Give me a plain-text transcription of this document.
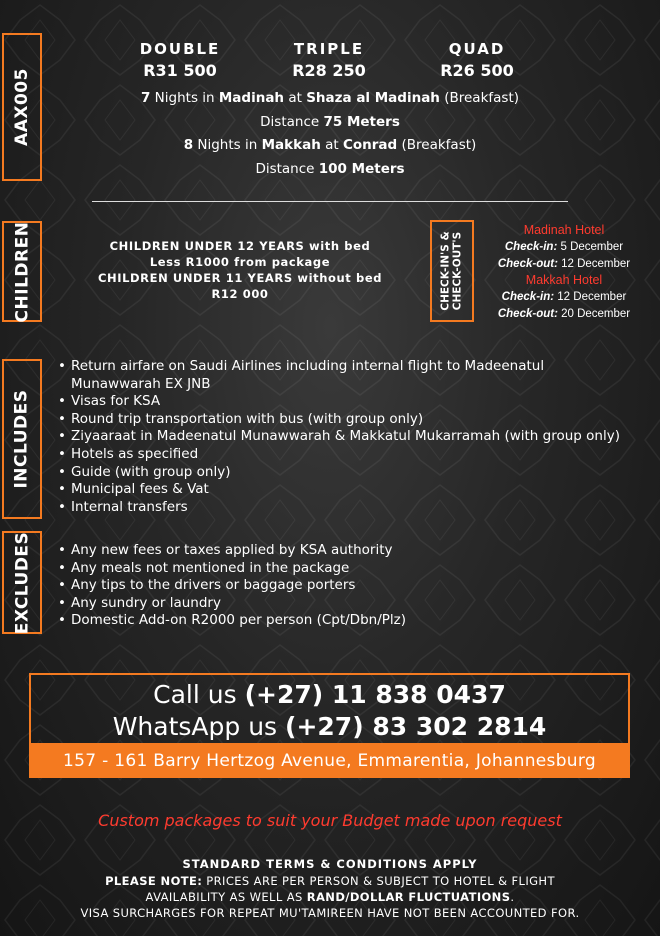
AAX005
DOUBLE
R31 500
TRIPLE
R28 250
QUAD
R26 500
7 Nights in Madinah at Shaza al Madinah (Breakfast)
Distance 75 Meters
8 Nights in Makkah at Conrad (Breakfast)
Distance 100 Meters
CHILDREN	CHILDREN UNDER 12 YEARS with bed
Less R1000 from package
CHILDREN UNDER 11 YEARS without bed
R12 000	CHECK-IN'S & CHECK-OUT'S
Madinah Hotel
Check-in: 5 December
Check-out: 12 December
Makkah Hotel
Check-in: 12 December
Check-out: 20 December
INCLUDES
• Return airfare on Saudi Airlines including internal flight to Madeenatul Munawwarah EX JNB
• Visas for KSA
• Round trip transportation with bus (with group only)
• Ziyaaraat in Madeenatul Munawwarah & Makkatul Mukarramah (with group only)
• Hotels as specified
• Guide (with group only)
• Municipal fees & Vat
• Internal transfers
EXCLUDES
•	Any new fees or taxes applied by KSA authority
• Any meals not mentioned in the package
• Any tips to the drivers or baggage porters
• Any sundry or laundry
• Domestic Add-on R2000 per person (Cpt/Dbn/Plz)
Call us (+27) 11 838 0437
WhatsApp us (+27) 83 302 2814
157 - 161 Barry Hertzog Avenue, Emmarentia, Johannesburg
Custom packages to suit your Budget made upon request
STANDARD TERMS & CONDITIONS APPLY
PLEASE NOTE: PRICES ARE PER PERSON & SUBJECT TO HOTEL & FLIGHT
AVAILABILITY AS WELL AS RAND/DOLLAR FLUCTUATIONS.
VISA SURCHARGES FOR REPEAT MU'TAMIREEN HAVE NOT BEEN ACCOUNTED FOR.
